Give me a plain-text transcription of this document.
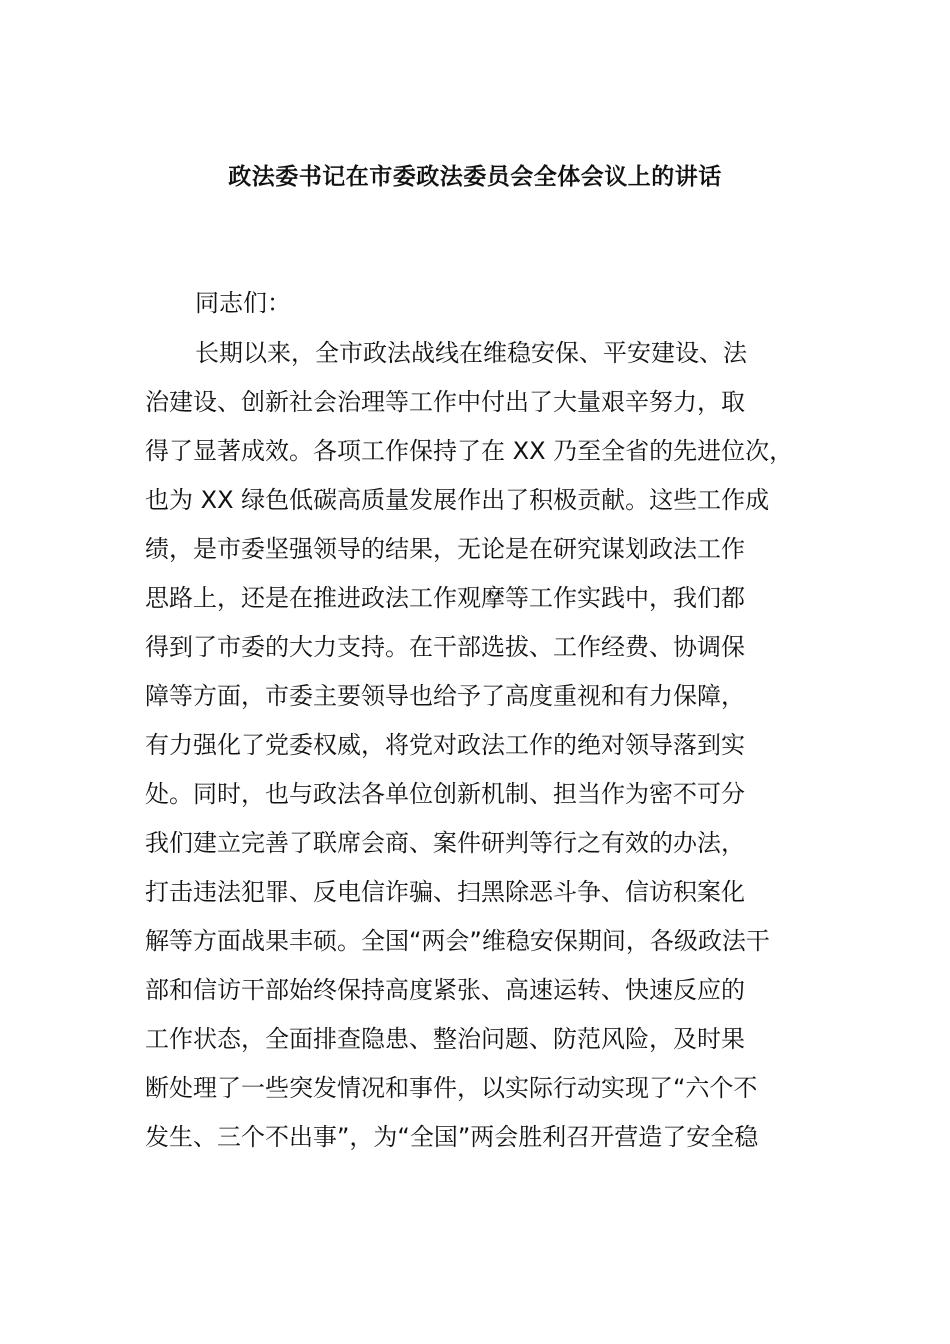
政法委书记在市委政法委员会全体会议上的讲话
同志们：
长期以来，全市政法战线在维稳安保、平安建设、法
治建设、创新社会治理等工作中付出了大量艰辛努力，取
得了显著成效。各项工作保持了在 XX 乃至全省的先进位次，
也为 XX 绿色低碳高质量发展作出了积极贡献。这些工作成
绩，是市委坚强领导的结果，无论是在研究谋划政法工作
思路上，还是在推进政法工作观摩等工作实践中，我们都
得到了市委的大力支持。在干部选拔、工作经费、协调保
障等方面，市委主要领导也给予了高度重视和有力保障，
有力强化了党委权威，将党对政法工作的绝对领导落到实
处。同时，也与政法各单位创新机制、担当作为密不可分
我们建立完善了联席会商、案件研判等行之有效的办法，
打击违法犯罪、反电信诈骗、扫黑除恶斗争、信访积案化
解等方面战果丰硕。全国“两会”维稳安保期间，各级政法干
部和信访干部始终保持高度紧张、高速运转、快速反应的
工作状态，全面排查隐患、整治问题、防范风险，及时果
断处理了一些突发情况和事件，以实际行动实现了“六个不
发生、三个不出事”，为“全国”两会胜利召开营造了安全稳
